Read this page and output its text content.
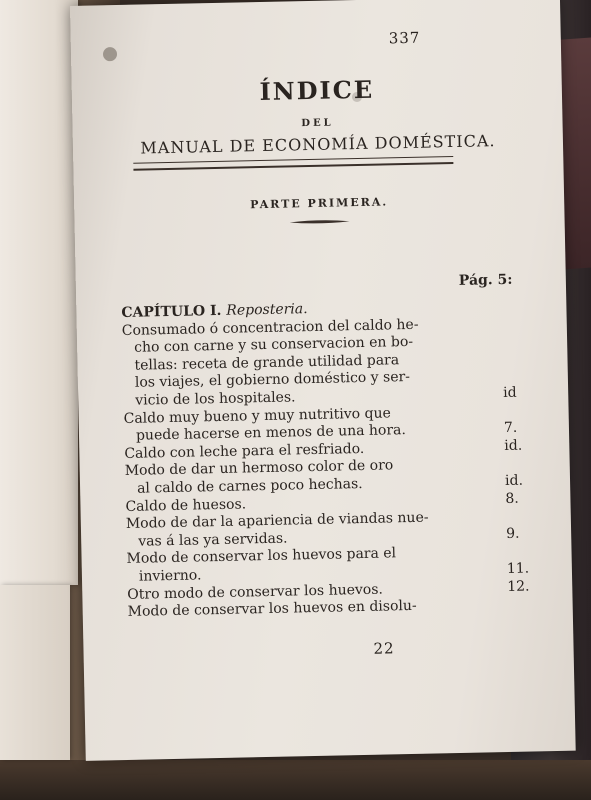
337
ÍNDICE
DEL
MANUAL DE ECONOMÍA DOMÉSTICA.
PARTE PRIMERA.
Pág. 5:
CAPÍTULO I. Reposteria.
Consumado ó concentracion del caldo he-
cho con carne y su conservacion en bo-
tellas: receta de grande utilidad para
los viajes, el gobierno doméstico y ser-
vicio de los hospitales.	id
Caldo muy bueno y muy nutritivo que
puede hacerse en menos de una hora.	7.
Caldo con leche para el resfriado.	id.
Modo de dar un hermoso color de oro
al caldo de carnes poco hechas.	id.
Caldo de huesos.	8.
Modo de dar la apariencia de viandas nue-
vas á las ya servidas.	9.
Modo de conservar los huevos para el
invierno.	11.
Otro modo de conservar los huevos.	12.
Modo de conservar los huevos en disolu-
22
